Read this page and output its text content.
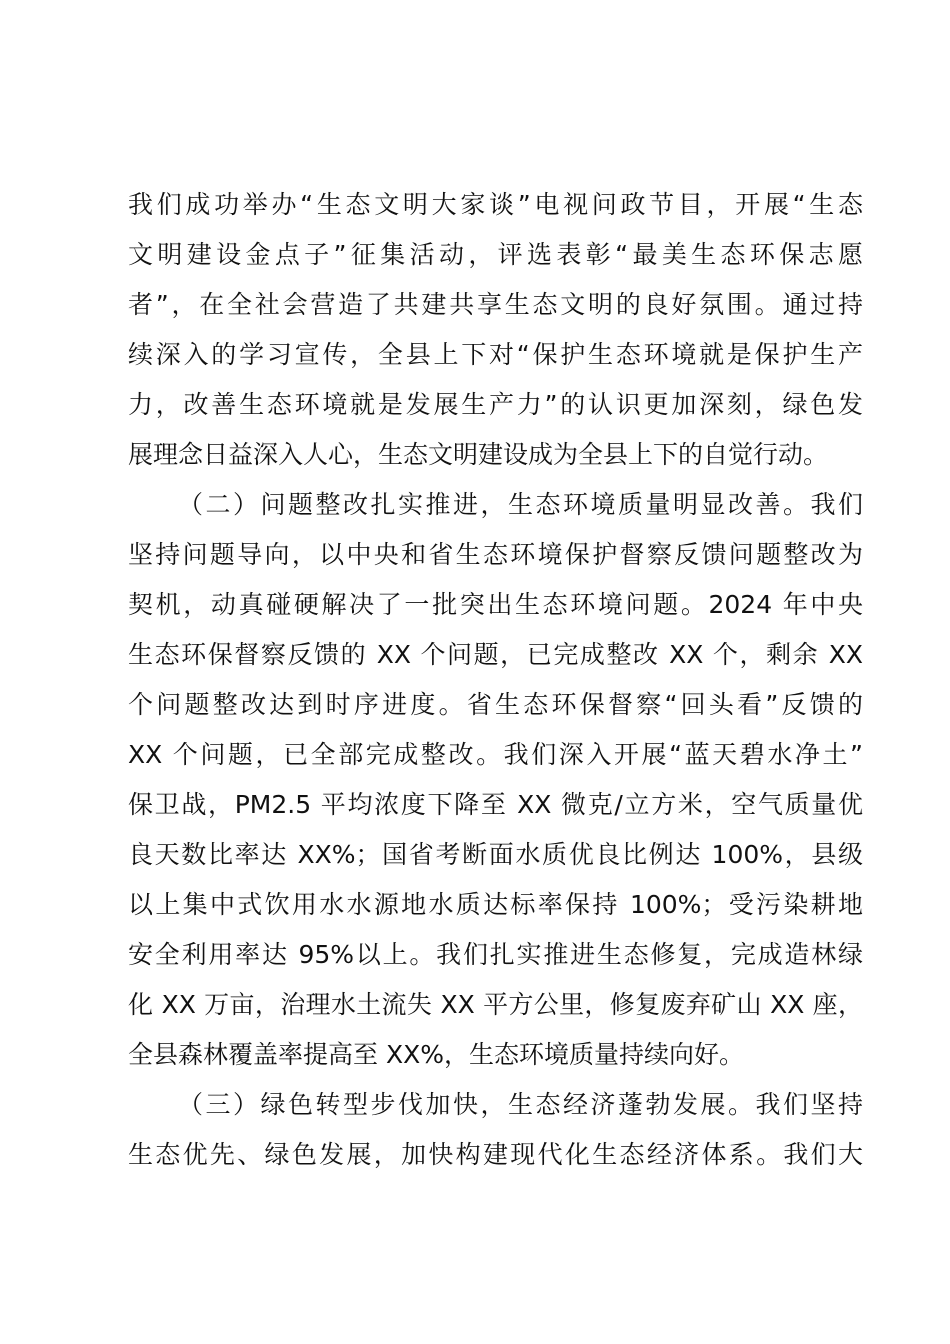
我们成功举办“生态文明大家谈”电视问政节目，开展“生态
文明建设金点子”征集活动，评选表彰“最美生态环保志愿
者”，在全社会营造了共建共享生态文明的良好氛围。通过持
续深入的学习宣传，全县上下对“保护生态环境就是保护生产
力，改善生态环境就是发展生产力”的认识更加深刻，绿色发
展理念日益深入人心，生态文明建设成为全县上下的自觉行动。
（二）问题整改扎实推进，生态环境质量明显改善。我们
坚持问题导向，以中央和省生态环境保护督察反馈问题整改为
契机，动真碰硬解决了一批突出生态环境问题。2024 年中央
生态环保督察反馈的 XX 个问题，已完成整改 XX 个，剩余 XX
个问题整改达到时序进度。省生态环保督察“回头看”反馈的
XX 个问题，已全部完成整改。我们深入开展“蓝天碧水净土”
保卫战，PM2.5 平均浓度下降至 XX 微克/立方米，空气质量优
良天数比率达 XX%；国省考断面水质优良比例达 100%，县级
以上集中式饮用水水源地水质达标率保持 100%；受污染耕地
安全利用率达 95%以上。我们扎实推进生态修复，完成造林绿
化 XX 万亩，治理水土流失 XX 平方公里，修复废弃矿山 XX 座，
全县森林覆盖率提高至 XX%，生态环境质量持续向好。
（三）绿色转型步伐加快，生态经济蓬勃发展。我们坚持
生态优先、绿色发展，加快构建现代化生态经济体系。我们大
